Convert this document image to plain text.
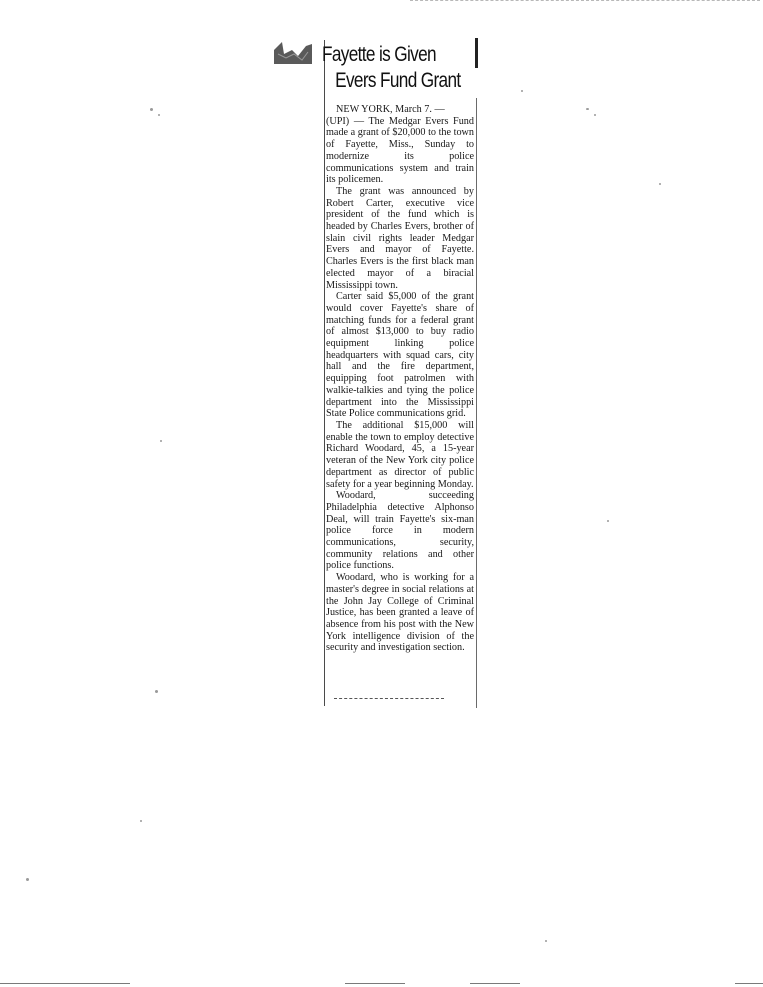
Fayette is Given
Evers Fund Grant

NEW YORK, March 7. —

(UPI) — The Medgar Evers Fund made a grant of $20,000 to the town of Fayette, Miss., Sunday to modernize its police communications system and train its policemen.

The grant was announced by Robert Carter, executive vice president of the fund which is headed by Charles Evers, brother of slain civil rights leader Medgar Evers and mayor of Fayette. Charles Evers is the first black man elected mayor of a biracial Mississippi town.

Carter said $5,000 of the grant would cover Fayette's share of matching funds for a federal grant of almost $13,000 to buy radio equipment linking police headquarters with squad cars, city hall and the fire department, equipping foot patrolmen with walkie-talkies and tying the police department into the Mississippi State Police communications grid.

The additional $15,000 will enable the town to employ detective Richard Woodard, 45, a 15-year veteran of the New York city police department as director of public safety for a year beginning Monday.

Woodard, succeeding Philadelphia detective Alphonso Deal, will train Fayette's six-man police force in modern communications, security, community relations and other police functions.

Woodard, who is working for a master's degree in social relations at the John Jay College of Criminal Justice, has been granted a leave of absence from his post with the New York intelligence division of the security and investigation section.
